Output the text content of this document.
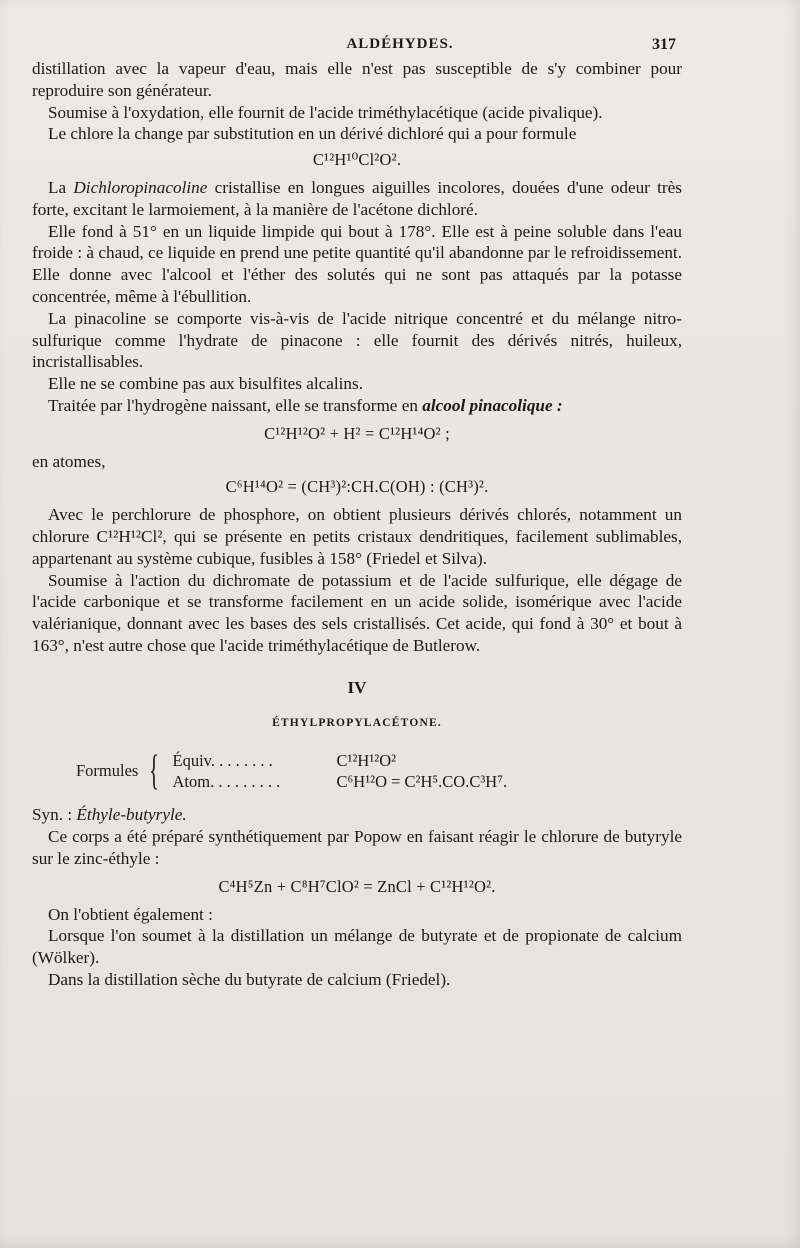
ALDÉHYDES.	317

distillation avec la vapeur d'eau, mais elle n'est pas susceptible de s'y combiner pour reproduire son générateur.

Soumise à l'oxydation, elle fournit de l'acide triméthylacétique (acide pivalique).

Le chlore la change par substitution en un dérivé dichloré qui a pour formule

C¹²H¹⁰Cl²O².

La Dichloropinacoline cristallise en longues aiguilles incolores, douées d'une odeur très forte, excitant le larmoiement, à la manière de l'acétone dichloré.

Elle fond à 51° en un liquide limpide qui bout à 178°. Elle est à peine soluble dans l'eau froide : à chaud, ce liquide en prend une petite quantité qu'il abandonne par le refroidissement. Elle donne avec l'alcool et l'éther des solutés qui ne sont pas attaqués par la potasse concentrée, même à l'ébullition.

La pinacoline se comporte vis-à-vis de l'acide nitrique concentré et du mélange nitro-sulfurique comme l'hydrate de pinacone : elle fournit des dérivés nitrés, huileux, incristallisables.

Elle ne se combine pas aux bisulfites alcalins.

Traitée par l'hydrogène naissant, elle se transforme en alcool pinacolique :

C¹²H¹²O² + H² = C¹²H¹⁴O² ;

en atomes,

C⁶H¹⁴O² = (CH³)²:CH.C(OH) : (CH³)².

Avec le perchlorure de phosphore, on obtient plusieurs dérivés chlorés, notamment un chlorure C¹²H¹²Cl², qui se présente en petits cristaux dendritiques, facilement sublimables, appartenant au système cubique, fusibles à 158° (Friedel et Silva).

Soumise à l'action du dichromate de potassium et de l'acide sulfurique, elle dégage de l'acide carbonique et se transforme facilement en un acide solide, isomérique avec l'acide valérianique, donnant avec les bases des sels cristallisés. Cet acide, qui fond à 30° et bout à 163°, n'est autre chose que l'acide triméthylacétique de Butlerow.

IV
ÉTHYLPROPYLACÉTONE.
Formules { Équiv. . . . . . . .	C¹²H¹²O²
Atom. . . . . . . . .	C⁶H¹²O = C²H⁵.CO.C³H⁷.

Syn. : Éthyle-butyryle.

Ce corps a été préparé synthétiquement par Popow en faisant réagir le chlorure de butyryle sur le zinc-éthyle :

C⁴H⁵Zn + C⁸H⁷ClO² = ZnCl + C¹²H¹²O².

On l'obtient également :

Lorsque l'on soumet à la distillation un mélange de butyrate et de propionate de calcium (Wölker).

Dans la distillation sèche du butyrate de calcium (Friedel).
